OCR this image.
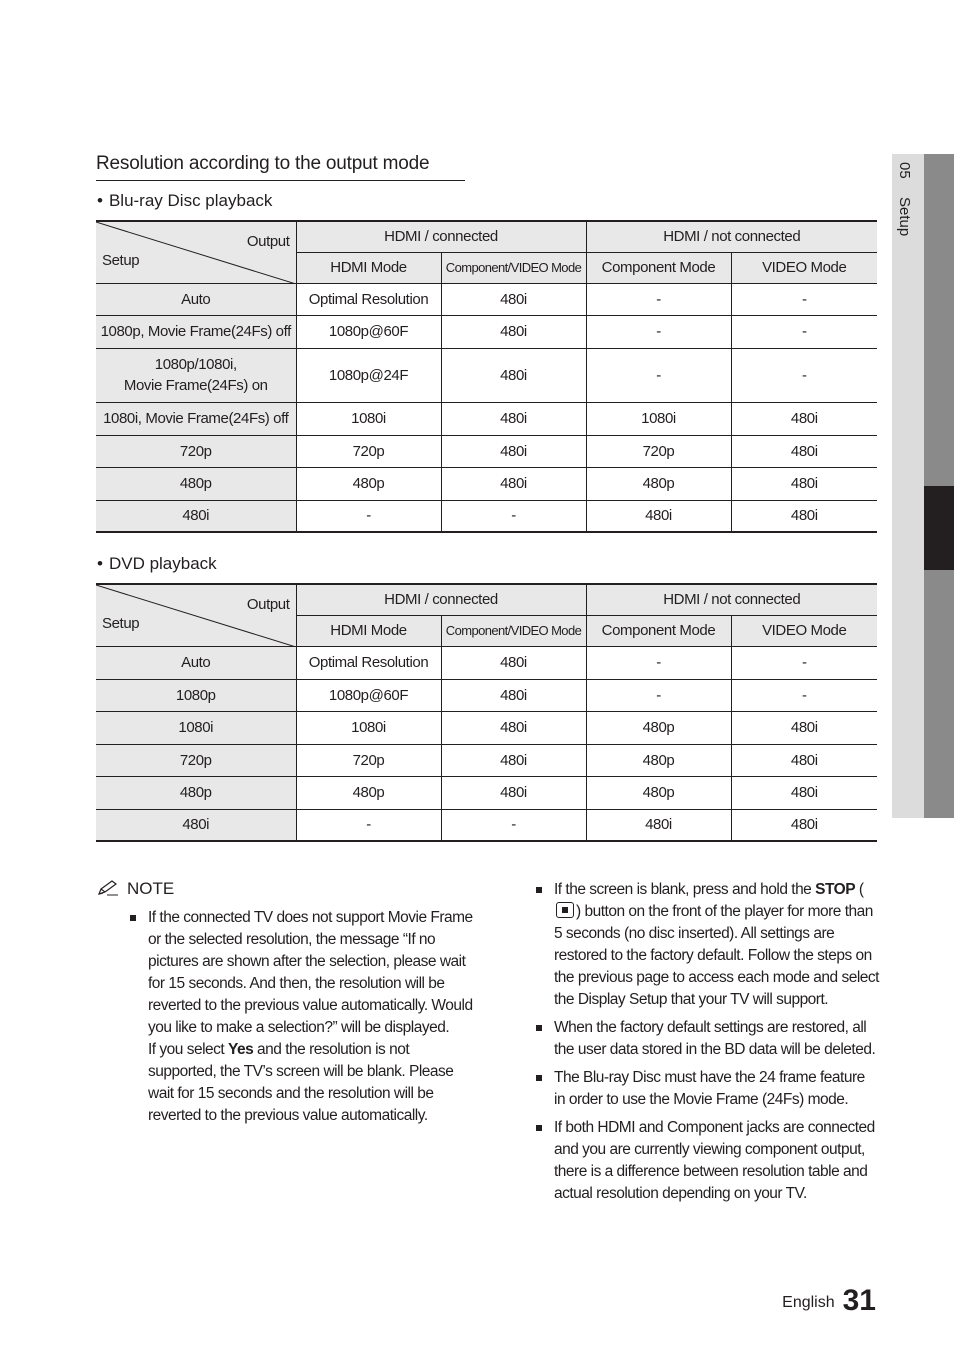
05 Setup
Resolution according to the output mode

• Blu-ray Disc playback

Output
Setup	HDMI / connected		HDMI / not connected	
	HDMI Mode	Component/VIDEO Mode	Component Mode	VIDEO Mode
Auto	Optimal Resolution	480i	-	-
1080p, Movie Frame(24Fs) off	1080p@60F	480i	-	-
1080p/1080i,
Movie Frame(24Fs) on	1080p@24F	480i	-	-
1080i, Movie Frame(24Fs) off	1080i	480i	1080i	480i
720p	720p	480i	720p	480i
480p	480p	480i	480p	480i
480i	-	-	480i	480i

• DVD playback

Output
Setup	HDMI / connected		HDMI / not connected	
	HDMI Mode	Component/VIDEO Mode	Component Mode	VIDEO Mode
Auto	Optimal Resolution	480i	-	-
1080p	1080p@60F	480i	-	-
1080i	1080i	480i	480p	480i
720p	720p	480i	480p	480i
480p	480p	480i	480p	480i
480i	-	-	480i	480i
NOTE
If the connected TV does not support Movie Frame or the selected resolution, the message “If no pictures are shown after the selection, please wait for 15 seconds. And then, the resolution will be reverted to the previous value automatically. Would you like to make a selection?” will be displayed.
If you select Yes and the resolution is not supported, the TV’s screen will be blank. Please wait for 15 seconds and the resolution will be reverted to the previous value automatically.
If the screen is blank, press and hold the STOP () button on the front of the player for more than 5 seconds (no disc inserted). All settings are restored to the factory default. Follow the steps on the previous page to access each mode and select the Display Setup that your TV will support.
When the factory default settings are restored, all the user data stored in the BD data will be deleted.
The Blu-ray Disc must have the 24 frame feature in order to use the Movie Frame (24Fs) mode.
If both HDMI and Component jacks are connected and you are currently viewing component output, there is a difference between resolution table and actual resolution depending on your TV.
English 31
